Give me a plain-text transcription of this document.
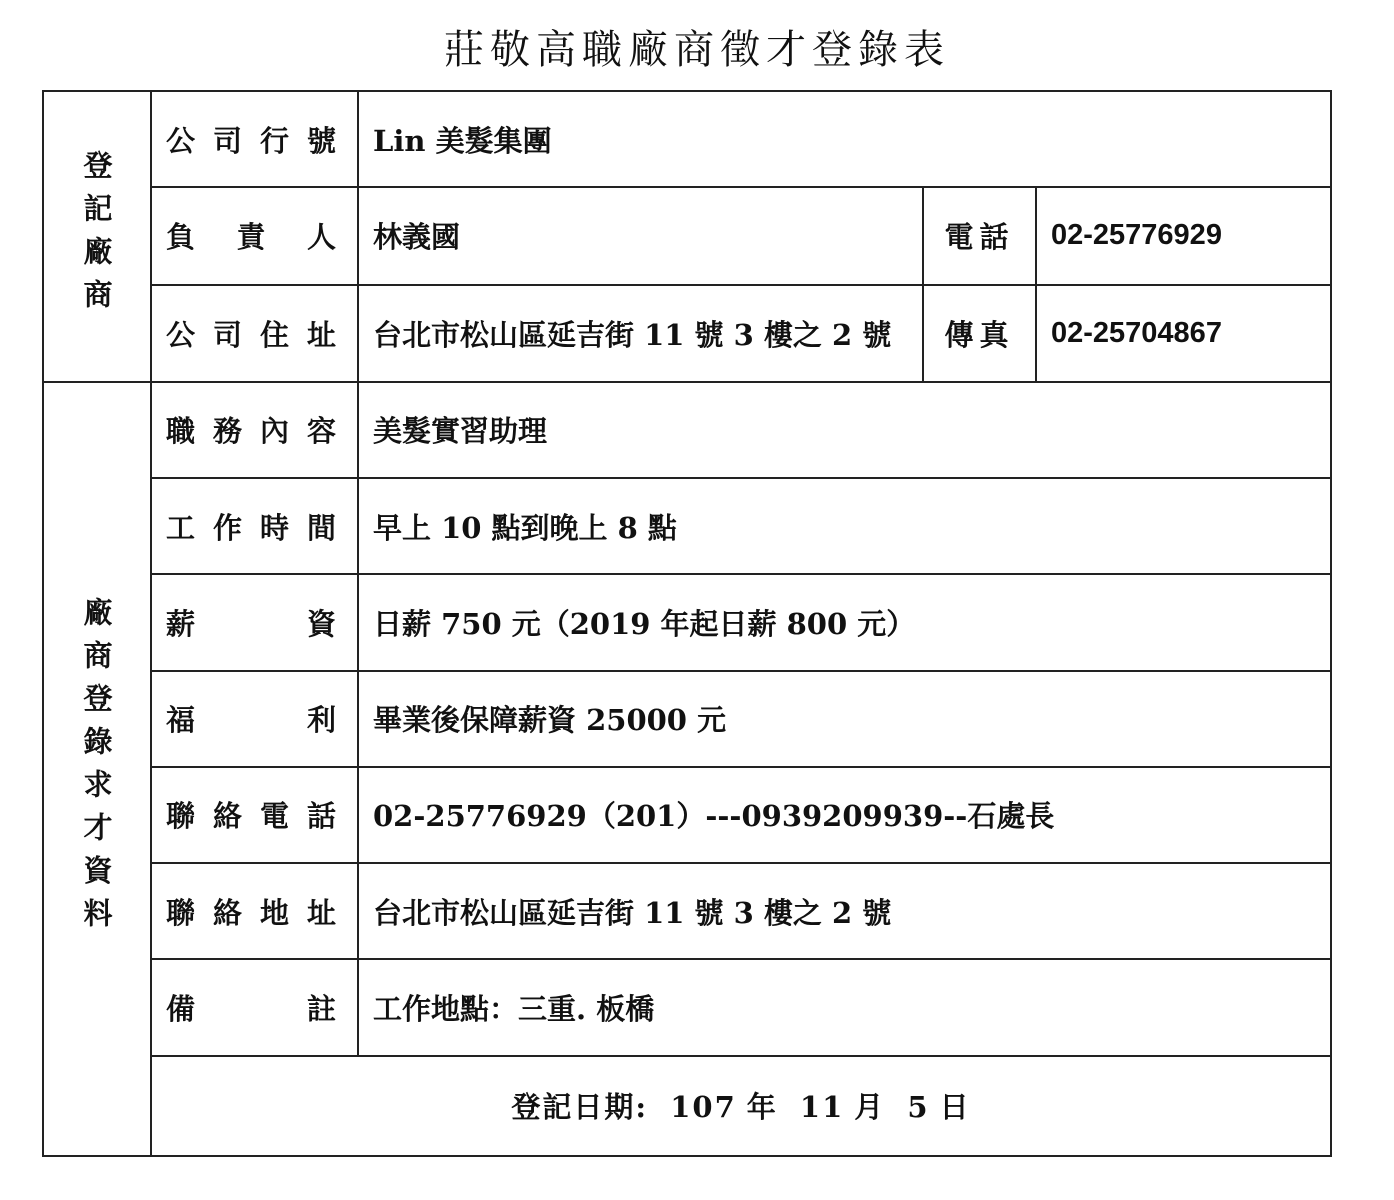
莊敬高職廠商徵才登錄表
登記廠商	公司行號	Lin 美髮集團		

	負責人	林義國	電話	02-25776929

	公司住址	台北市松山區延吉街 11 號 3 樓之 2 號	傳真	02-25704867
廠商登錄求才資料	職務內容	美髮實習助理		

	工作時間	早上 10 點到晚上 8 點		

	薪資	日薪 750 元（2019 年起日薪 800 元）		

	福利	畢業後保障薪資 25000 元		

	聯絡電話	02-25776929（201）---0939209939--石處長		

	聯絡地址	台北市松山區延吉街 11 號 3 樓之 2 號		

	備註	工作地點：三重. 板橋		
	登記日期: 107 年 11 月 5 日			
